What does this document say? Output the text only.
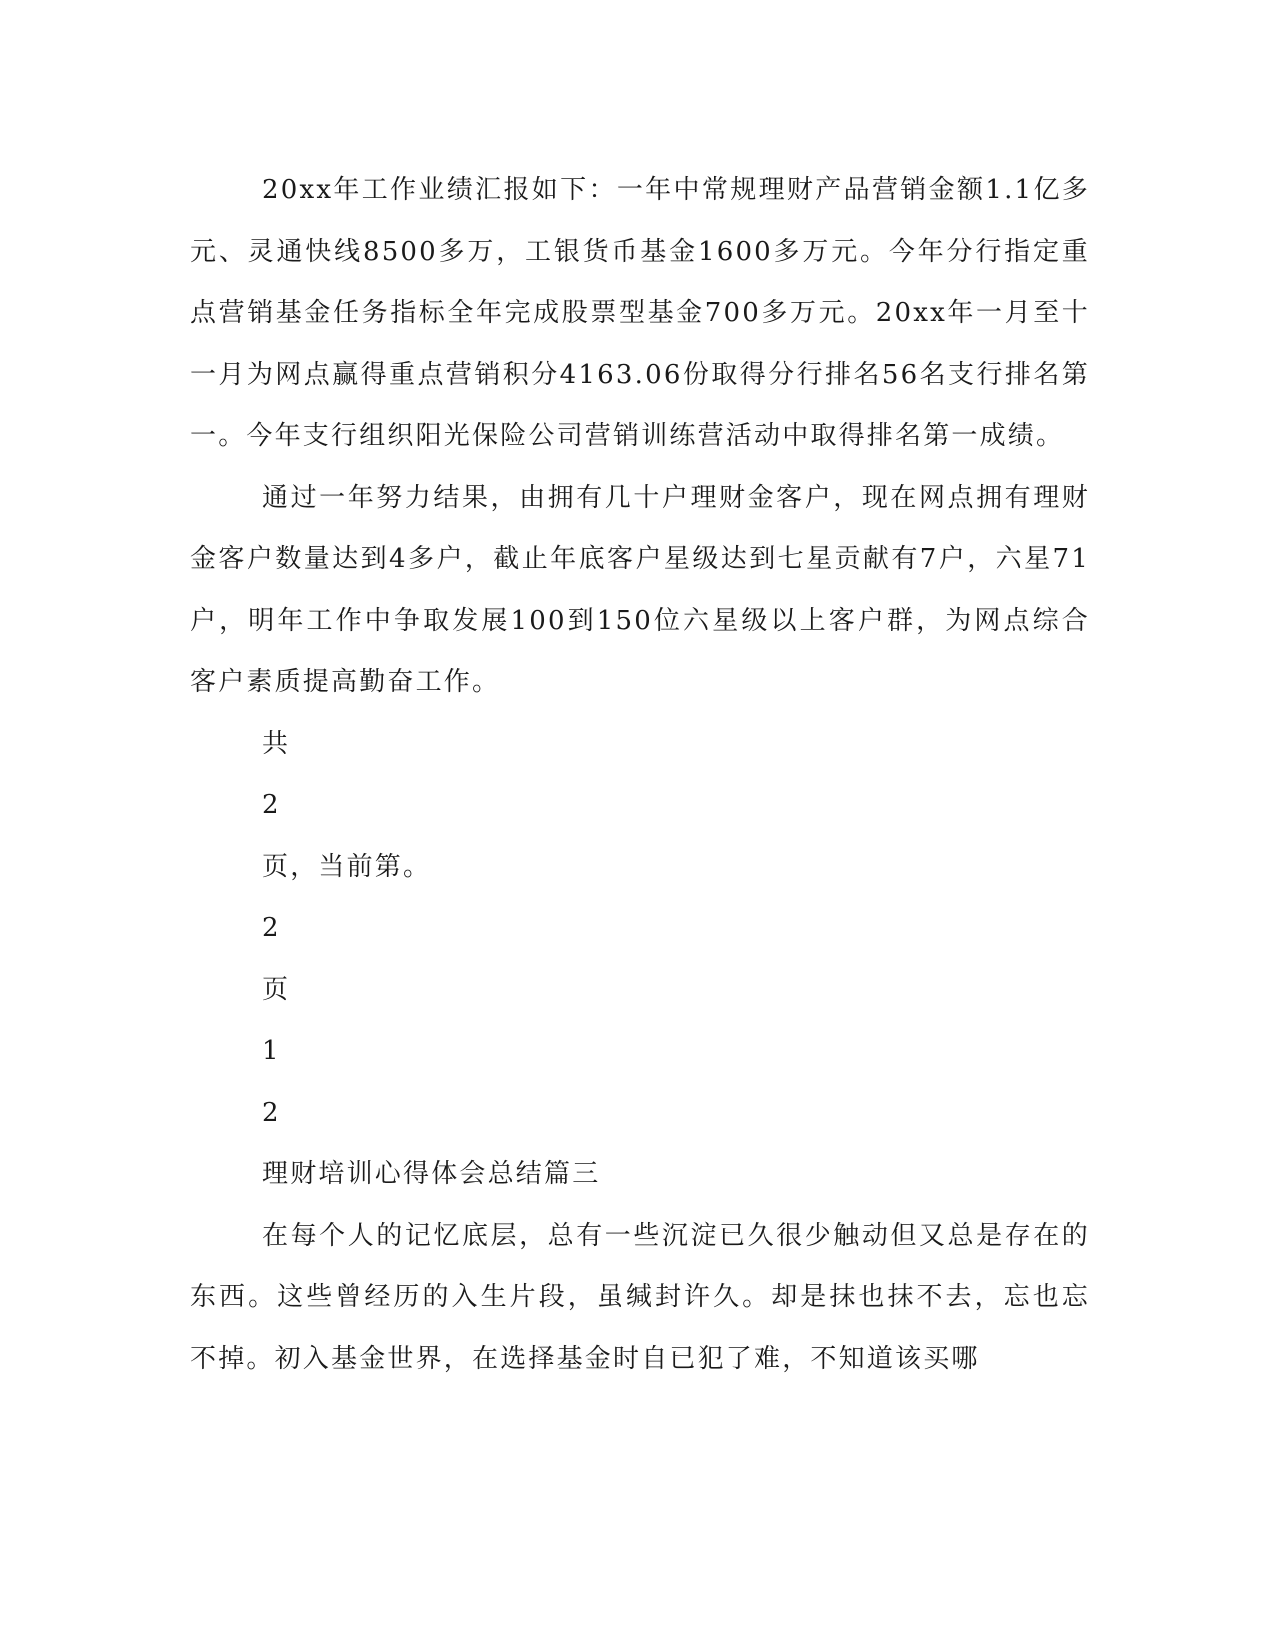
20xx年工作业绩汇报如下：一年中常规理财产品营销金额1.1亿多元、灵通快线8500多万，工银货币基金1600多万元。今年分行指定重点营销基金任务指标全年完成股票型基金700多万元。20xx年一月至十一月为网点赢得重点营销积分4163.06份取得分行排名56名支行排名第一。今年支行组织阳光保险公司营销训练营活动中取得排名第一成绩。

通过一年努力结果，由拥有几十户理财金客户，现在网点拥有理财金客户数量达到4多户，截止年底客户星级达到七星贡献有7户，六星71户，明年工作中争取发展100到150位六星级以上客户群，为网点综合客户素质提高勤奋工作。

共

2

页，当前第。

2

页

1

2

理财培训心得体会总结篇三

在每个人的记忆底层，总有一些沉淀已久很少触动但又总是存在的东西。这些曾经历的入生片段，虽缄封许久。却是抹也抹不去，忘也忘不掉。初入基金世界，在选择基金时自已犯了难，不知道该买哪
